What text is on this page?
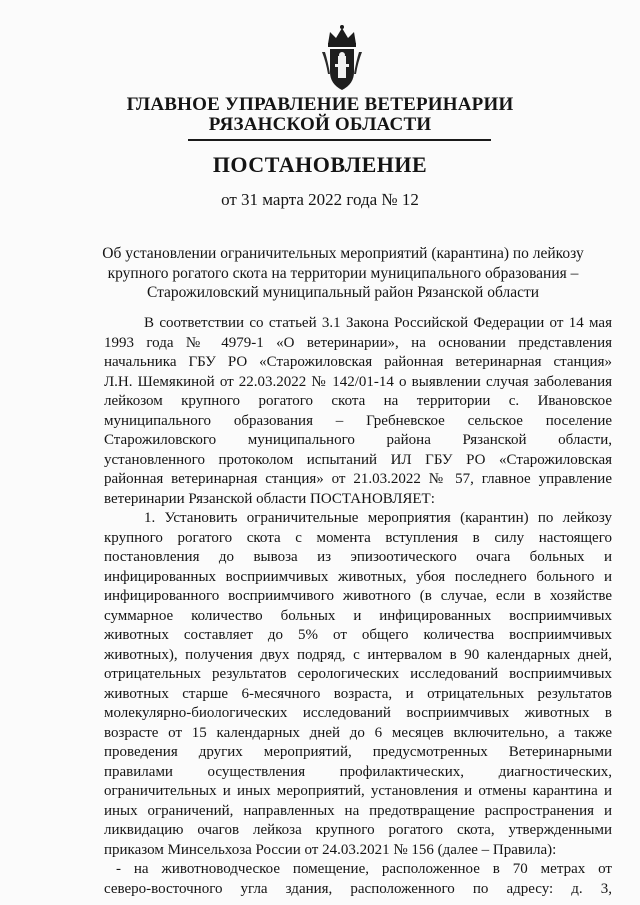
ГЛАВНОЕ УПРАВЛЕНИЕ ВЕТЕРИНАРИИ
РЯЗАНСКОЙ ОБЛАСТИ
ПОСТАНОВЛЕНИЕ
от 31 марта 2022 года № 12
Об установлении ограничительных мероприятий (карантина) по лейкозу
крупного рогатого скота на территории муниципального образования –
Старожиловский муниципальный район Рязанской области
В соответствии со статьей 3.1 Закона Российской Федерации от 14 мая
1993 года № 4979-1 «О ветеринарии», на основании представления
начальника ГБУ РО «Старожиловская районная ветеринарная станция»
Л.Н. Шемякиной от 22.03.2022 № 142/01-14 о выявлении случая заболевания
лейкозом крупного рогатого скота на территории с. Ивановское
муниципального образования – Гребневское сельское поселение
Старожиловского муниципального района Рязанской области,
установленного протоколом испытаний ИЛ ГБУ РО «Старожиловская
районная ветеринарная станция» от 21.03.2022 № 57, главное управление
ветеринарии Рязанской области ПОСТАНОВЛЯЕТ:
1. Установить ограничительные мероприятия (карантин) по лейкозу
крупного рогатого скота с момента вступления в силу настоящего
постановления до вывоза из эпизоотического очага больных и
инфицированных восприимчивых животных, убоя последнего больного и
инфицированного восприимчивого животного (в случае, если в хозяйстве
суммарное количество больных и инфицированных восприимчивых
животных составляет до 5% от общего количества восприимчивых
животных), получения двух подряд, с интервалом в 90 календарных дней,
отрицательных результатов серологических исследований восприимчивых
животных старше 6-месячного возраста, и отрицательных результатов
молекулярно-биологических исследований восприимчивых животных в
возрасте от 15 календарных дней до 6 месяцев включительно, а также
проведения других мероприятий, предусмотренных Ветеринарными
правилами осуществления профилактических, диагностических,
ограничительных и иных мероприятий, установления и отмены карантина и
иных ограничений, направленных на предотвращение распространения и
ликвидацию очагов лейкоза крупного рогатого скота, утвержденными
приказом Минсельхоза России от 24.03.2021 № 156 (далее – Правила):
- на животноводческое помещение, расположенное в 70 метрах от
северо-восточного угла здания, расположенного по адресу: д. 3,
